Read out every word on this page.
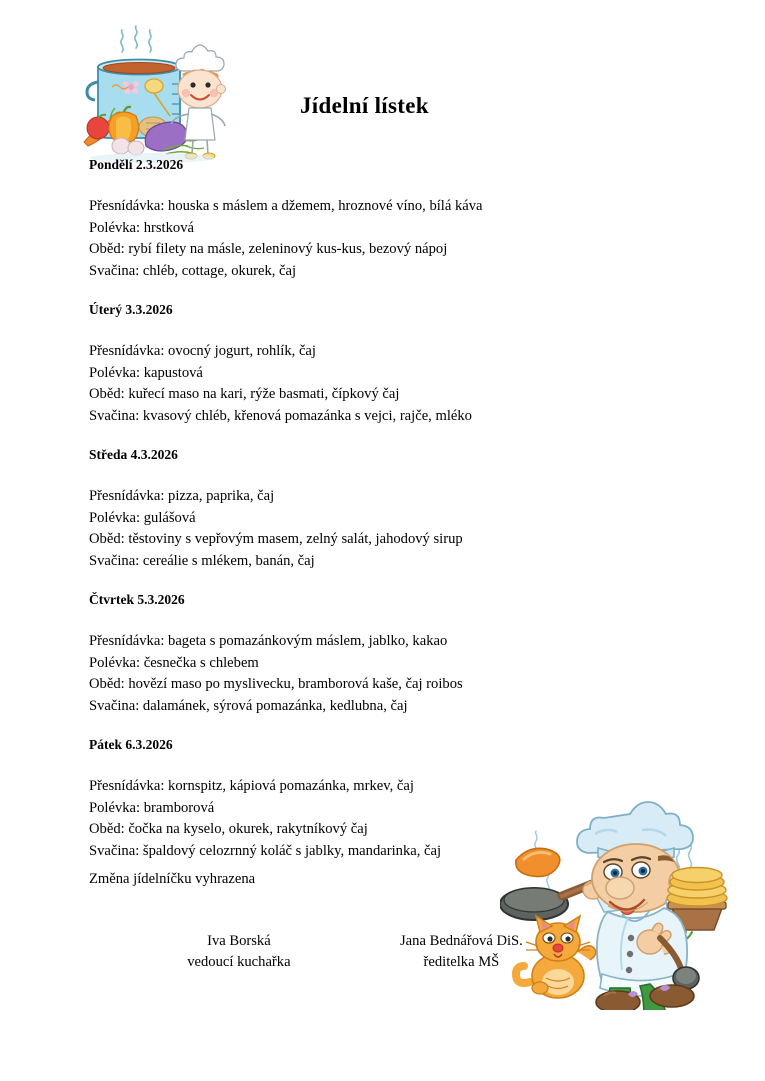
Jídelní lístek
Pondělí 2.3.2026
Přesnídávka: houska s máslem a džemem, hroznové víno, bílá káva
Polévka: hrstková
Oběd: rybí filety na másle, zeleninový kus-kus, bezový nápoj
Svačina: chléb, cottage, okurek, čaj
Úterý 3.3.2026
Přesnídávka: ovocný jogurt, rohlík, čaj
Polévka: kapustová
Oběd: kuřecí maso na kari, rýže basmati, čípkový čaj
Svačina: kvasový chléb, křenová pomazánka s vejci, rajče, mléko
Středa 4.3.2026
Přesnídávka: pizza, paprika, čaj
Polévka: gulášová
Oběd: těstoviny s vepřovým masem, zelný salát, jahodový sirup
Svačina: cereálie s mlékem, banán, čaj
Čtvrtek 5.3.2026
Přesnídávka: bageta s pomazánkovým máslem, jablko, kakao
Polévka: česnečka s chlebem
Oběd: hovězí maso po myslivecku, bramborová kaše, čaj roibos
Svačina: dalamánek, sýrová pomazánka, kedlubna, čaj
Pátek 6.3.2026
Přesnídávka: kornspitz, kápiová pomazánka, mrkev, čaj
Polévka: bramborová
Oběd: čočka na kyselo, okurek, rakytníkový čaj
Svačina: špaldový celozrnný koláč s jablky, mandarinka, čaj
Změna jídelníčku vyhrazena
Iva Borská
vedoucí kuchařka
Jana Bednářová DiS.
ředitelka MŠ
